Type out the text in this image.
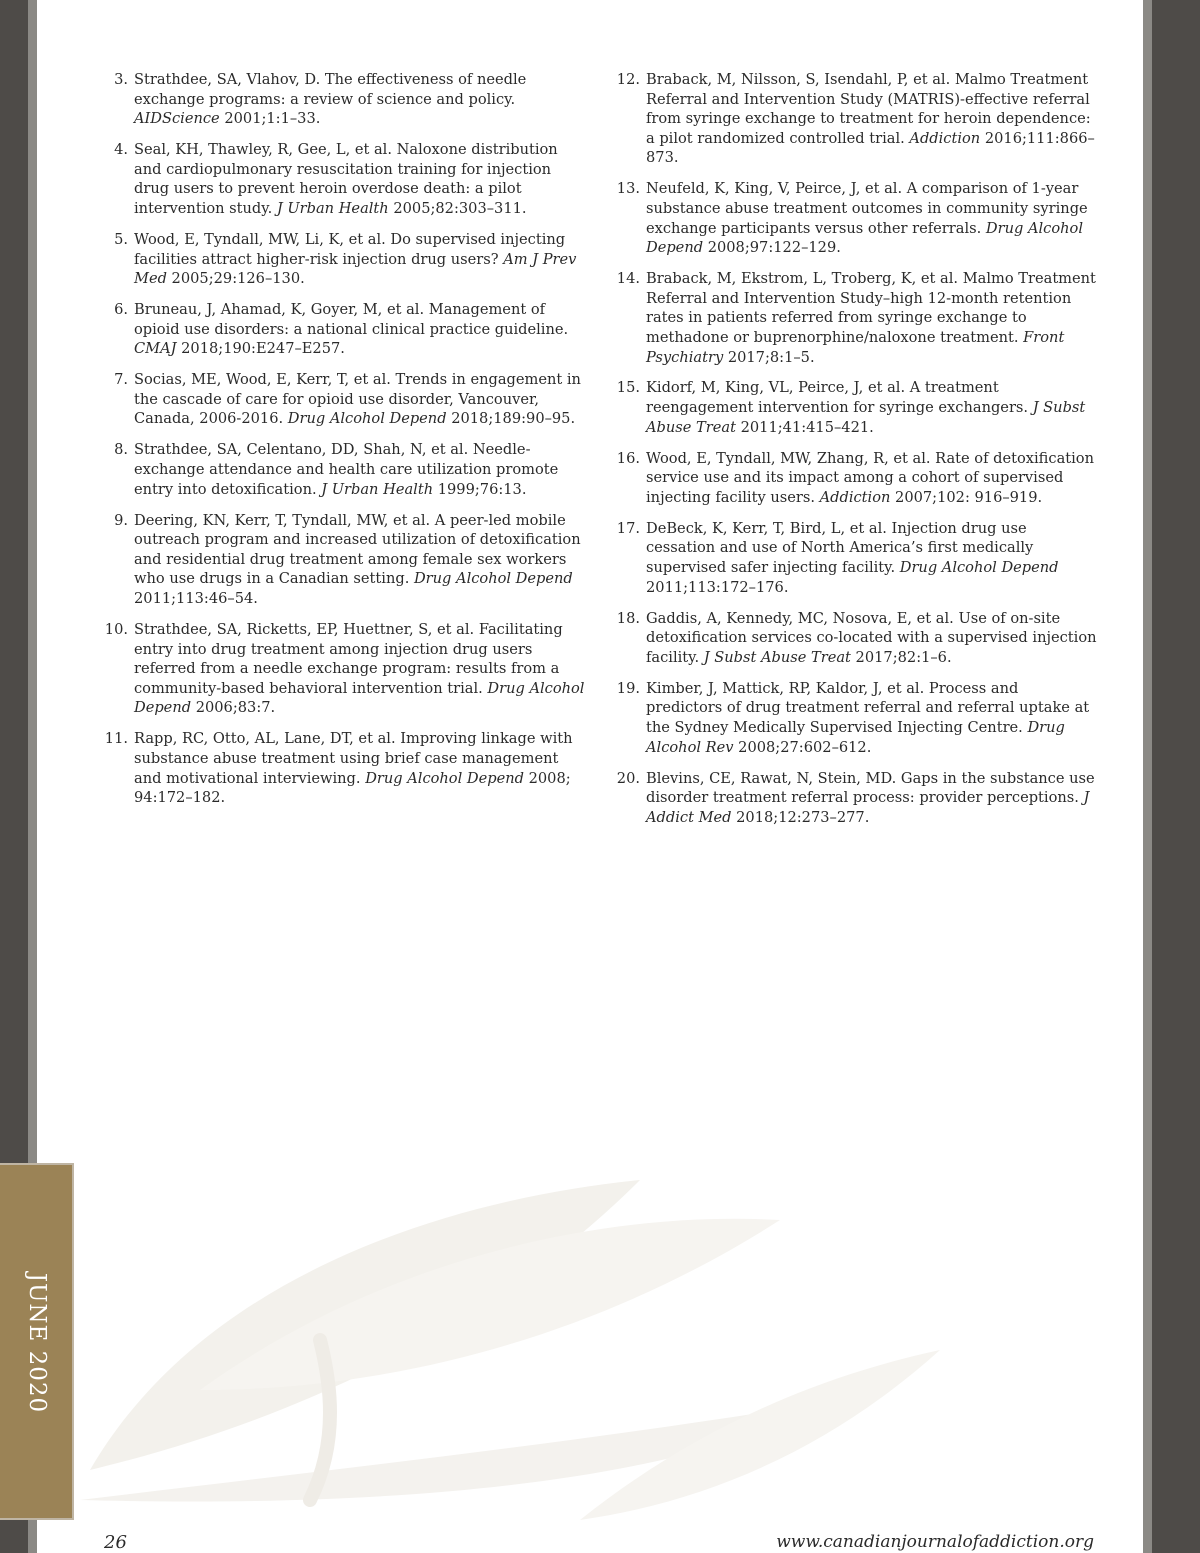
JUNE 2020
3. Strathdee, SA, Vlahov, D. The effectiveness of needle exchange programs: a review of science and policy. AIDScience 2001;1:1–33.
4. Seal, KH, Thawley, R, Gee, L, et al. Naloxone distribution and cardiopulmonary resuscitation training for injection drug users to prevent heroin overdose death: a pilot intervention study. J Urban Health 2005;82:303–311.
5. Wood, E, Tyndall, MW, Li, K, et al. Do supervised injecting facilities attract higher-risk injection drug users? Am J Prev Med 2005;29:126–130.
6. Bruneau, J, Ahamad, K, Goyer, M, et al. Management of opioid use disorders: a national clinical practice guideline. CMAJ 2018;190:E247–E257.
7. Socias, ME, Wood, E, Kerr, T, et al. Trends in engagement in the cascade of care for opioid use disorder, Vancouver, Canada, 2006-2016. Drug Alcohol Depend 2018;189:90–95.
8. Strathdee, SA, Celentano, DD, Shah, N, et al. Needle-exchange attendance and health care utilization promote entry into detoxification. J Urban Health 1999;76:13.
9. Deering, KN, Kerr, T, Tyndall, MW, et al. A peer-led mobile outreach program and increased utilization of detoxification and residential drug treatment among female sex workers who use drugs in a Canadian setting. Drug Alcohol Depend 2011;113:46–54.
10. Strathdee, SA, Ricketts, EP, Huettner, S, et al. Facilitating entry into drug treatment among injection drug users referred from a needle exchange program: results from a community-based behavioral intervention trial. Drug Alcohol Depend 2006;83:7.
11. Rapp, RC, Otto, AL, Lane, DT, et al. Improving linkage with substance abuse treatment using brief case management and motivational interviewing. Drug Alcohol Depend 2008; 94:172–182.
12. Braback, M, Nilsson, S, Isendahl, P, et al. Malmo Treatment Referral and Intervention Study (MATRIS)-effective referral from syringe exchange to treatment for heroin dependence: a pilot randomized controlled trial. Addiction 2016;111:866–873.
13. Neufeld, K, King, V, Peirce, J, et al. A comparison of 1-year substance abuse treatment outcomes in community syringe exchange participants versus other referrals. Drug Alcohol Depend 2008;97:122–129.
14. Braback, M, Ekstrom, L, Troberg, K, et al. Malmo Treatment Referral and Intervention Study–high 12-month retention rates in patients referred from syringe exchange to methadone or buprenorphine/naloxone treatment. Front Psychiatry 2017;8:1–5.
15. Kidorf, M, King, VL, Peirce, J, et al. A treatment reengagement intervention for syringe exchangers. J Subst Abuse Treat 2011;41:415–421.
16. Wood, E, Tyndall, MW, Zhang, R, et al. Rate of detoxification service use and its impact among a cohort of supervised injecting facility users. Addiction 2007;102: 916–919.
17. DeBeck, K, Kerr, T, Bird, L, et al. Injection drug use cessation and use of North America’s first medically supervised safer injecting facility. Drug Alcohol Depend 2011;113:172–176.
18. Gaddis, A, Kennedy, MC, Nosova, E, et al. Use of on-site detoxification services co-located with a supervised injection facility. J Subst Abuse Treat 2017;82:1–6.
19. Kimber, J, Mattick, RP, Kaldor, J, et al. Process and predictors of drug treatment referral and referral uptake at the Sydney Medically Supervised Injecting Centre. Drug Alcohol Rev 2008;27:602–612.
20. Blevins, CE, Rawat, N, Stein, MD. Gaps in the substance use disorder treatment referral process: provider perceptions. J Addict Med 2018;12:273–277.
26	www.canadianjournalofaddiction.org
